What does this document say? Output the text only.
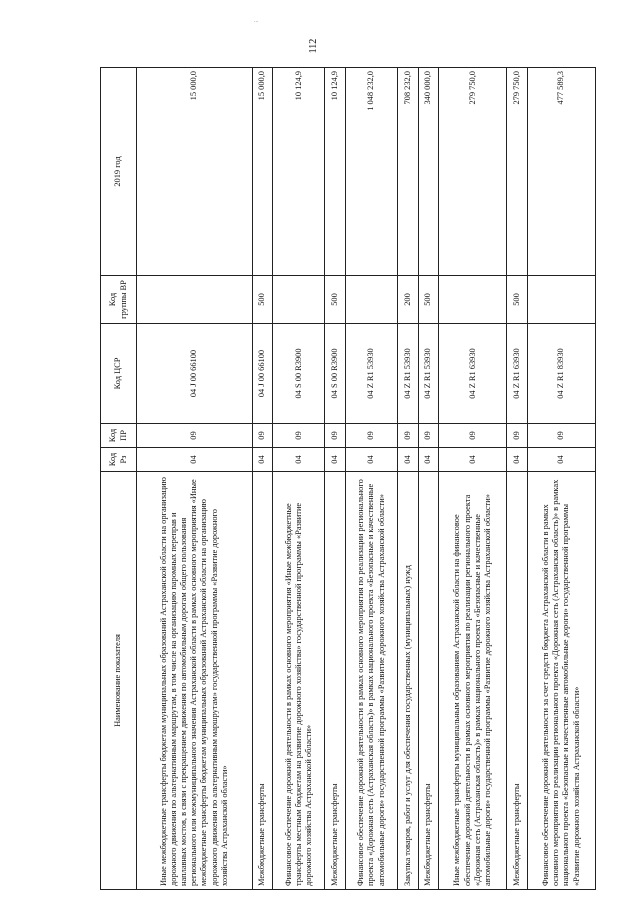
...
112
Наименование показателя	Код Рз	Код ПР	Код ЦСР	Код группы ВР	2019 год
Иные межбюджетные трансферты бюджетам муниципальных образований Астраханской области на организацию дорожного движения по альтернативным маршрутам, в том числе на организацию паромных переправ и наплавных мостов, в связи с прекращением движения по автомобильным дорогам общего пользования регионального или межмуниципального значения Астраханской области в рамках основного мероприятия «Иные межбюджетные трансферты бюджетам муниципальных образований Астраханской области на организацию дорожного движения по альтернативным маршрутам» государственной программы «Развитие дорожного хозяйства Астраханской области»	04	09	04 J 00 66100		15 000,0
Межбюджетные трансферты	04	09	04 J 00 66100	500	15 000,0
Финансовое обеспечение дорожной деятельности в рамках основного мероприятия «Иные межбюджетные трансферты местным бюджетам на развитие дорожного хозяйства» государственной программы «Развитие дорожного хозяйства Астраханской области»	04	09	04 S 00 R3900		10 124,9
Межбюджетные трансферты	04	09	04 S 00 R3900	500	10 124,9
Финансовое обеспечение дорожной деятельности в рамках основного мероприятия по реализации регионального проекта «Дорожная сеть (Астраханская область)» в рамках национального проекта «Безопасные и качественные автомобильные дороги» государственной программы «Развитие дорожного хозяйства Астраханской области»	04	09	04 Z R1 53930		1 048 232,0
Закупка товаров, работ и услуг для обеспечения государственных (муниципальных) нужд	04	09	04 Z R1 53930	200	708 232,0
Межбюджетные трансферты	04	09	04 Z R1 53930	500	340 000,0
Иные межбюджетные трансферты муниципальным образованиям Астраханской области на финансовое обеспечение дорожной деятельности в рамках основного мероприятия по реализации регионального проекта «Дорожная сеть (Астраханская область)» в рамках национального проекта «Безопасные и качественные автомобильные дороги» государственной программы «Развитие дорожного хозяйства Астраханской области»	04	09	04 Z R1 63930		279 750,0
Межбюджетные трансферты	04	09	04 Z R1 63930	500	279 750,0
Финансовое обеспечение дорожной деятельности за счет средств бюджета Астраханской области в рамках основного мероприятия по реализации регионального проекта «Дорожная сеть (Астраханская область)» в рамках национального проекта «Безопасные и качественные автомобильные дороги» государственной программы «Развитие дорожного хозяйства Астраханской области»	04	09	04 Z R1 83930		477 589,3
